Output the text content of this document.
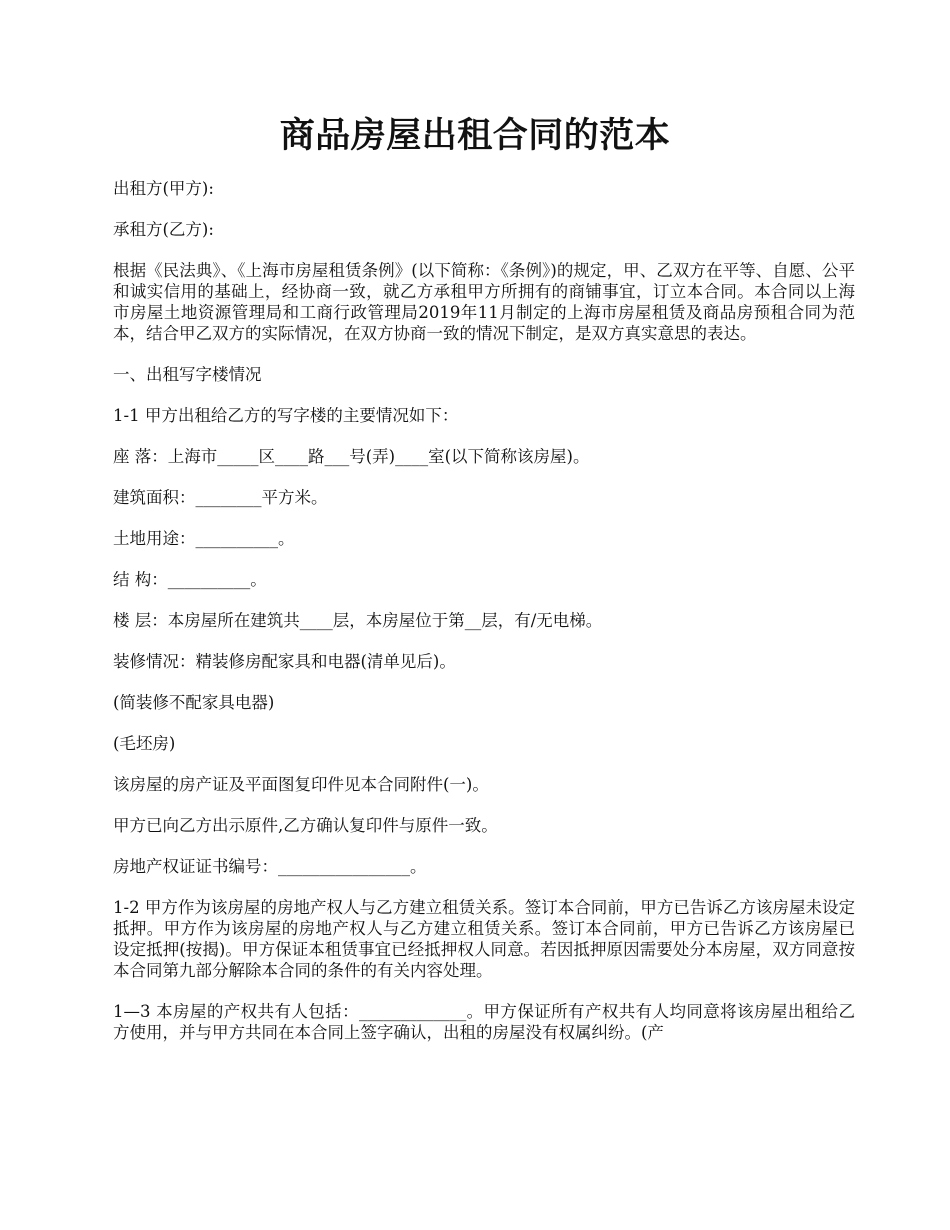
商品房屋出租合同的范本

出租方(甲方):

承租方(乙方):

根据《民法典》、《上海市房屋租赁条例》(以下简称：《条例》)的规定，甲、乙双方在平等、自愿、公平和诚实信用的基础上，经协商一致，就乙方承租甲方所拥有的商铺事宜，订立本合同。本合同以上海市房屋土地资源管理局和工商行政管理局2019年11月制定的上海市房屋租赁及商品房预租合同为范本，结合甲乙双方的实际情况，在双方协商一致的情况下制定，是双方真实意思的表达。

一、出租写字楼情况

1-1 甲方出租给乙方的写字楼的主要情况如下：

座 落：上海市_____区____路___号(弄)____室(以下简称该房屋)。

建筑面积：________平方米。

土地用途：__________。

结 构：__________。

楼 层：本房屋所在建筑共____层，本房屋位于第__层，有/无电梯。

装修情况：精装修房配家具和电器(清单见后)。

(简装修不配家具电器)

(毛坯房)

该房屋的房产证及平面图复印件见本合同附件(一)。

甲方已向乙方出示原件,乙方确认复印件与原件一致。

房地产权证证书编号：________________。

1-2 甲方作为该房屋的房地产权人与乙方建立租赁关系。签订本合同前，甲方已告诉乙方该房屋未设定抵押。甲方作为该房屋的房地产权人与乙方建立租赁关系。签订本合同前，甲方已告诉乙方该房屋已设定抵押(按揭)。甲方保证本租赁事宜已经抵押权人同意。若因抵押原因需要处分本房屋，双方同意按本合同第九部分解除本合同的条件的有关内容处理。

1—3 本房屋的产权共有人包括：_____________。甲方保证所有产权共有人均同意将该房屋出租给乙方使用，并与甲方共同在本合同上签字确认，出租的房屋没有权属纠纷。(产
